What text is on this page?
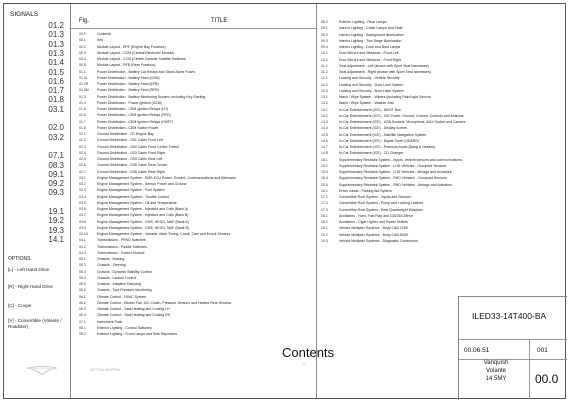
SIGNALS
01.2
01.3
01.3
01.3
01.4
01.5
01.6
01.7
01.8
03.1
02.0
03.2
07.1
08.3
09.1
09.2
09.3
19.1
19.2
19.3
14.1
OPTIONS
[L] - Left Hand Drive
[R] - Right Hand Drive
[C] - Coupe
[V] - Convertible (Volante / Roadster)
Fig.	TITLE
00.0	Contents
00.1	Key
00.2	Module Layout - EFE (Engine Bay Fusebox)
00.3	Module Layout - CCM (Central Electronic Module)
00.4	Module Layout - CCM (Centre Console Satellite Switches
00.5	Module Layout - RFB (Rear Fusebox)
01.1	Power Distribution - Battery Cut Relays and Stand Alone Fuses
01.2L	Power Distribution - Battery Feed (CEM)
01.2R	Power Distribution - Battery Feed (EFB)
01.2M	Power Distribution - Battery Feed (RFB)
01.3	Power Distribution - Battery Monitoring System, including Key Starting
01.4	Power Distribution - Power Ignition (CEM)
01.5	Power Distribution - CEM Ignition Relays (LH)
01.6	Power Distribution - CEM Ignition Relays (RFD)
01.7	Power Distribution - CEM Ignition Relays (CMFT)
01.8	Power Distribution - CEM Switch Power
02.1	Ground Distribution - G1 Engine Bay
02.2	Ground Distribution - G01 Cabin Front Left
02.3	Ground Distribution - G02 Cabin Front Centre Tunnel
02.4	Ground Distribution - G03 Cabin Front Right
02.5	Ground Distribution - G04 Cabin Rear Left
02.6	Ground Distribution - G05 Cabin Rear Centre
02.7	Ground Distribution - G06 Cabin Rear Right
03.1	Engine Management System - EMS ECU Power, Ground, Communications and Alternator
03.2	Engine Management System - Sensor Power and Ground
03.3	Engine Management System - Fuel System
03.4	Engine Management System - Throttle Control
03.5	Engine Management System - Oil and Temperature
03.6	Engine Management System - Injectors and Coils (Bank A)
03.7	Engine Management System - Injectors and Coils (Bank B)
03.8	Engine Management System - CMS, HEGO, MAF (Bank A)
03.9	Engine Management System - CMS, HEGO, MAF (Bank B)
03.10	Engine Management System - Variable Valve Timing, Crank, Cam and Knock Sensors
04.1	Transmission - PRND Switches
04.2	Transmission - Paddle Switches
04.3	Transmission - Control Module
05.1	Chassis - Braking
05.2	Chassis - Steering
05.3	Chassis - Dynamic Stability Control
05.4	Chassis - Launch Control
05.5	Chassis - Adaptive Damping
05.6	Chassis - Tyre Pressure Monitoring
06.1	Climate Control - HVAC System
06.2	Climate Control - Blower Fan, A/C Clutch, Pressure Sensors and Heated Rear Window
06.3	Climate Control - Seat Heating and Cooling LH
06.4	Climate Control - Seat Heating and Cooling RH
07.1	Instrument Pack
08.1	Exterior Lighting - Control Switches
08.2	Exterior Lighting - Front Lamps and Side Repeaters
08.3	Exterior Lighting - Rear Lamps
09.1	Interior Lighting - Cabin Lamps and Fade
09.2	Interior Lighting - Background Illumination
09.3	Interior Lighting - Two Stage Illumination
09.4	Interior Lighting - Door and Boot Lamps
10.1	Door Mirrors and Windows - Front Left
10.2	Door Mirrors and Windows - Front Right
11.1	Seat Adjustment - Left (shown with Sport Seat harnesses)
11.2	Seat Adjustment - Right (shown with Sport Seat harnesses)
12.1	Locking and Security - Vehicle Security
12.2	Locking and Security - Door Lock System
12.3	Locking and Security - Boot Latch System
13.1	Wash / Wipe System - Wipers (including Rain/Light Sensor)
13.2	Wash / Wipe System - Washer Jets
14.1	In-Car Entertainment (ICE) - MOST Bus
14.2	In-Car Entertainment (ICE) - ICE Power, Ground, Comms, Controls and Antenna
14.3	In-Car Entertainment (ICE) - USB Sockets, Microphone, AUX Socket and Camera
14.4	In-Car Entertainment (ICE) - Display Screen
14.5	In-Car Entertainment (ICE) - Satellite Navigation System
14.6	In-Car Entertainment (ICE) - Digital Tuner (SDARS)
14.7	In-Car Entertainment (ICE) - Premium Audio (Bang & Olufsen)
14.8	In-Car Entertainment (ICE) - CD Changer
15.1	Supplementary Restraint System - Inputs, vehicle sensors and communications
15.2	Supplementary Restraint System - LHD Vehicles - Occupant Sensors
15.3	Supplementary Restraint System - LHD Vehicles - Airbags and Actuators
15.4	Supplementary Restraint System - RHD Vehicles - Occupant Sensors
15.5	Supplementary Restraint System - RHD Vehicles - Airbags and Actuators
16.1	Driver Assist - Parking Aid System
17.1	Convertible Roof System - Inputs and Sensors
17.2	Convertible Roof System - Pump and Locking Latches
17.3	Convertible Roof System - Rear Quarterlight Windows
18.1	Ancillaries - Horn, Fuel Flap and GDO/DCMirror
18.2	Ancillaries - Cigar Lighter and Power Outlets
19.1	Vehicle Multiplex Systems - Body CAN 125K
19.2	Vehicle Multiplex Systems - Body CAN 500K
19.3	Vehicle Multiplex Systems - Diagnostic Connectors
ASTON MARTIN
Contents
-
ILED33-14T400-BA
00.06.51	001
Vanquish
Volante
14.5MY	00.0
